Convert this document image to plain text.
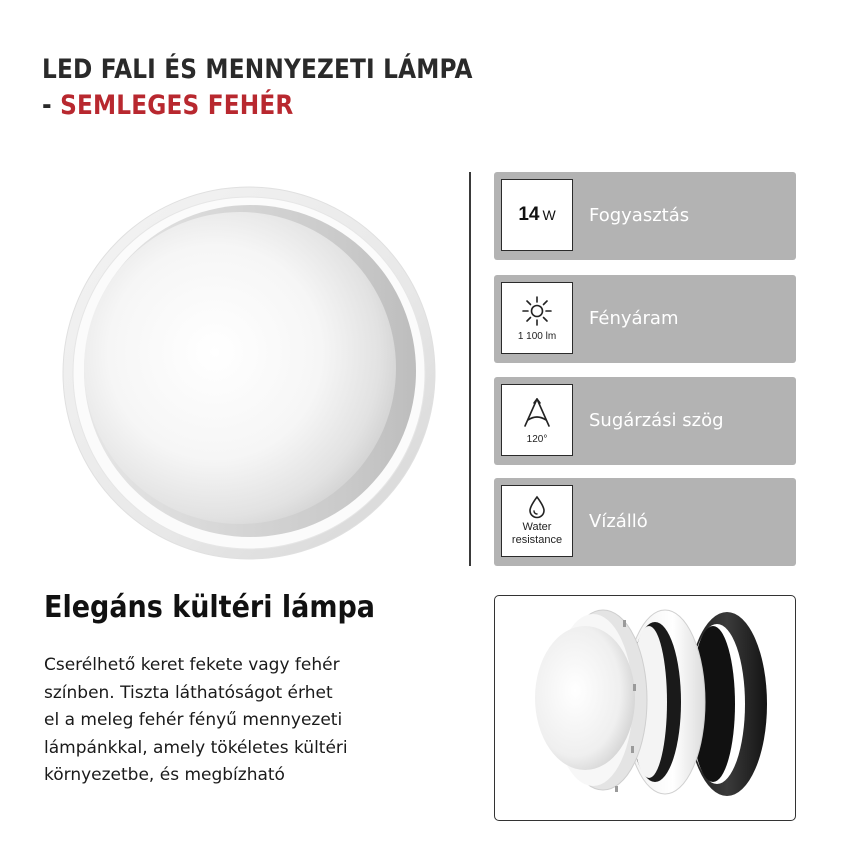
LED FALI ÉS MENNYEZETI LÁMPA
- SEMLEGES FEHÉR
14 W Fogyasztás
1 100 lm
Fényáram
120°
Sugárzási szög
Water
resistance
Vízálló
Elegáns kültéri lámpa

Cserélhető keret fekete vagy fehér
színben. Tiszta láthatóságot érhet
el a meleg fehér fényű mennyezeti
lámpánkkal, amely tökéletes kültéri
környezetbe, és megbízható
